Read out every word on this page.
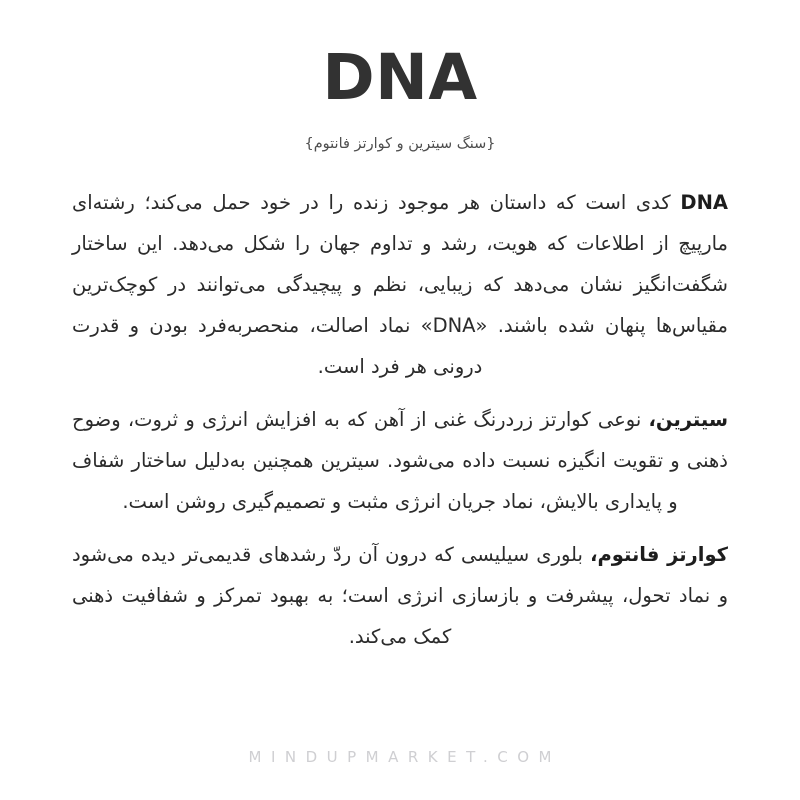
DNA

{سنگ سیترین و کوارتز فانتوم}

DNA کدی است که داستان هر موجود زنده را در خود حمل می‌کند؛ رشته‌ای مارپیچ از اطلاعات که هویت، رشد و تداوم جهان را شکل می‌دهد. این ساختار شگفت‌انگیز نشان می‌دهد که زیبایی، نظم و پیچیدگی می‌توانند در کوچک‌ترین مقیاس‌ها پنهان شده باشند. «DNA» نماد اصالت، منحصربه‌فرد بودن و قدرت درونی هر فرد است.

سیترین، نوعی کوارتز زردرنگ غنی از آهن که به افزایش انرژی و ثروت، وضوح ذهنی و تقویت انگیزه نسبت داده می‌شود. سیترین همچنین به‌دلیل ساختار شفاف و پایداری بالایش، نماد جریان انرژی مثبت و تصمیم‌گیری روشن است.

کوارتز فانتوم، بلوری سیلیسی که درون آن ردّ رشدهای قدیمی‌تر دیده می‌شود و نماد تحول، پیشرفت و بازسازی انرژی است؛ به بهبود تمرکز و شفافیت ذهنی کمک می‌کند.

MINDUPMARKET.COM
